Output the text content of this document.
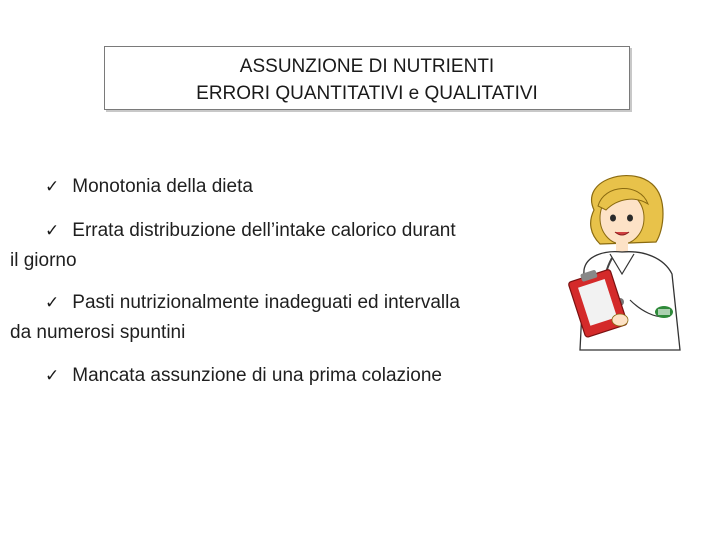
ASSUNZIONE DI NUTRIENTI
ERRORI QUANTITATIVI e QUALITATIVI
✓ Monotonia della dieta
✓ Errata distribuzione dell’intake calorico durant
il giorno
✓ Pasti nutrizionalmente inadeguati ed intervalla
da numerosi spuntini
✓ Mancata assunzione di una prima colazione
